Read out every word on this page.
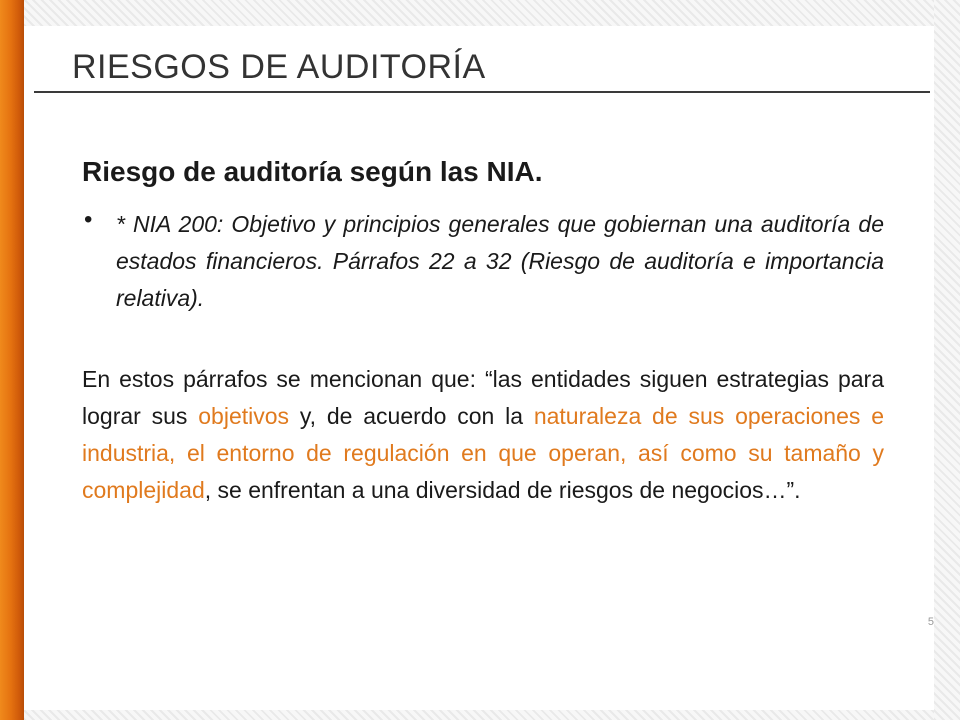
RIESGOS DE AUDITORÍA
Riesgo de auditoría según las NIA.
• * NIA 200: Objetivo y principios generales que gobiernan una auditoría de estados financieros. Párrafos 22 a 32 (Riesgo de auditoría e importancia relativa).
En estos párrafos se mencionan que: “las entidades siguen estrategias para lograr sus objetivos y, de acuerdo con la naturaleza de sus operaciones e industria, el entorno de regulación en que operan, así como su tamaño y complejidad, se enfrentan a una diversidad de riesgos de negocios…”.
5
